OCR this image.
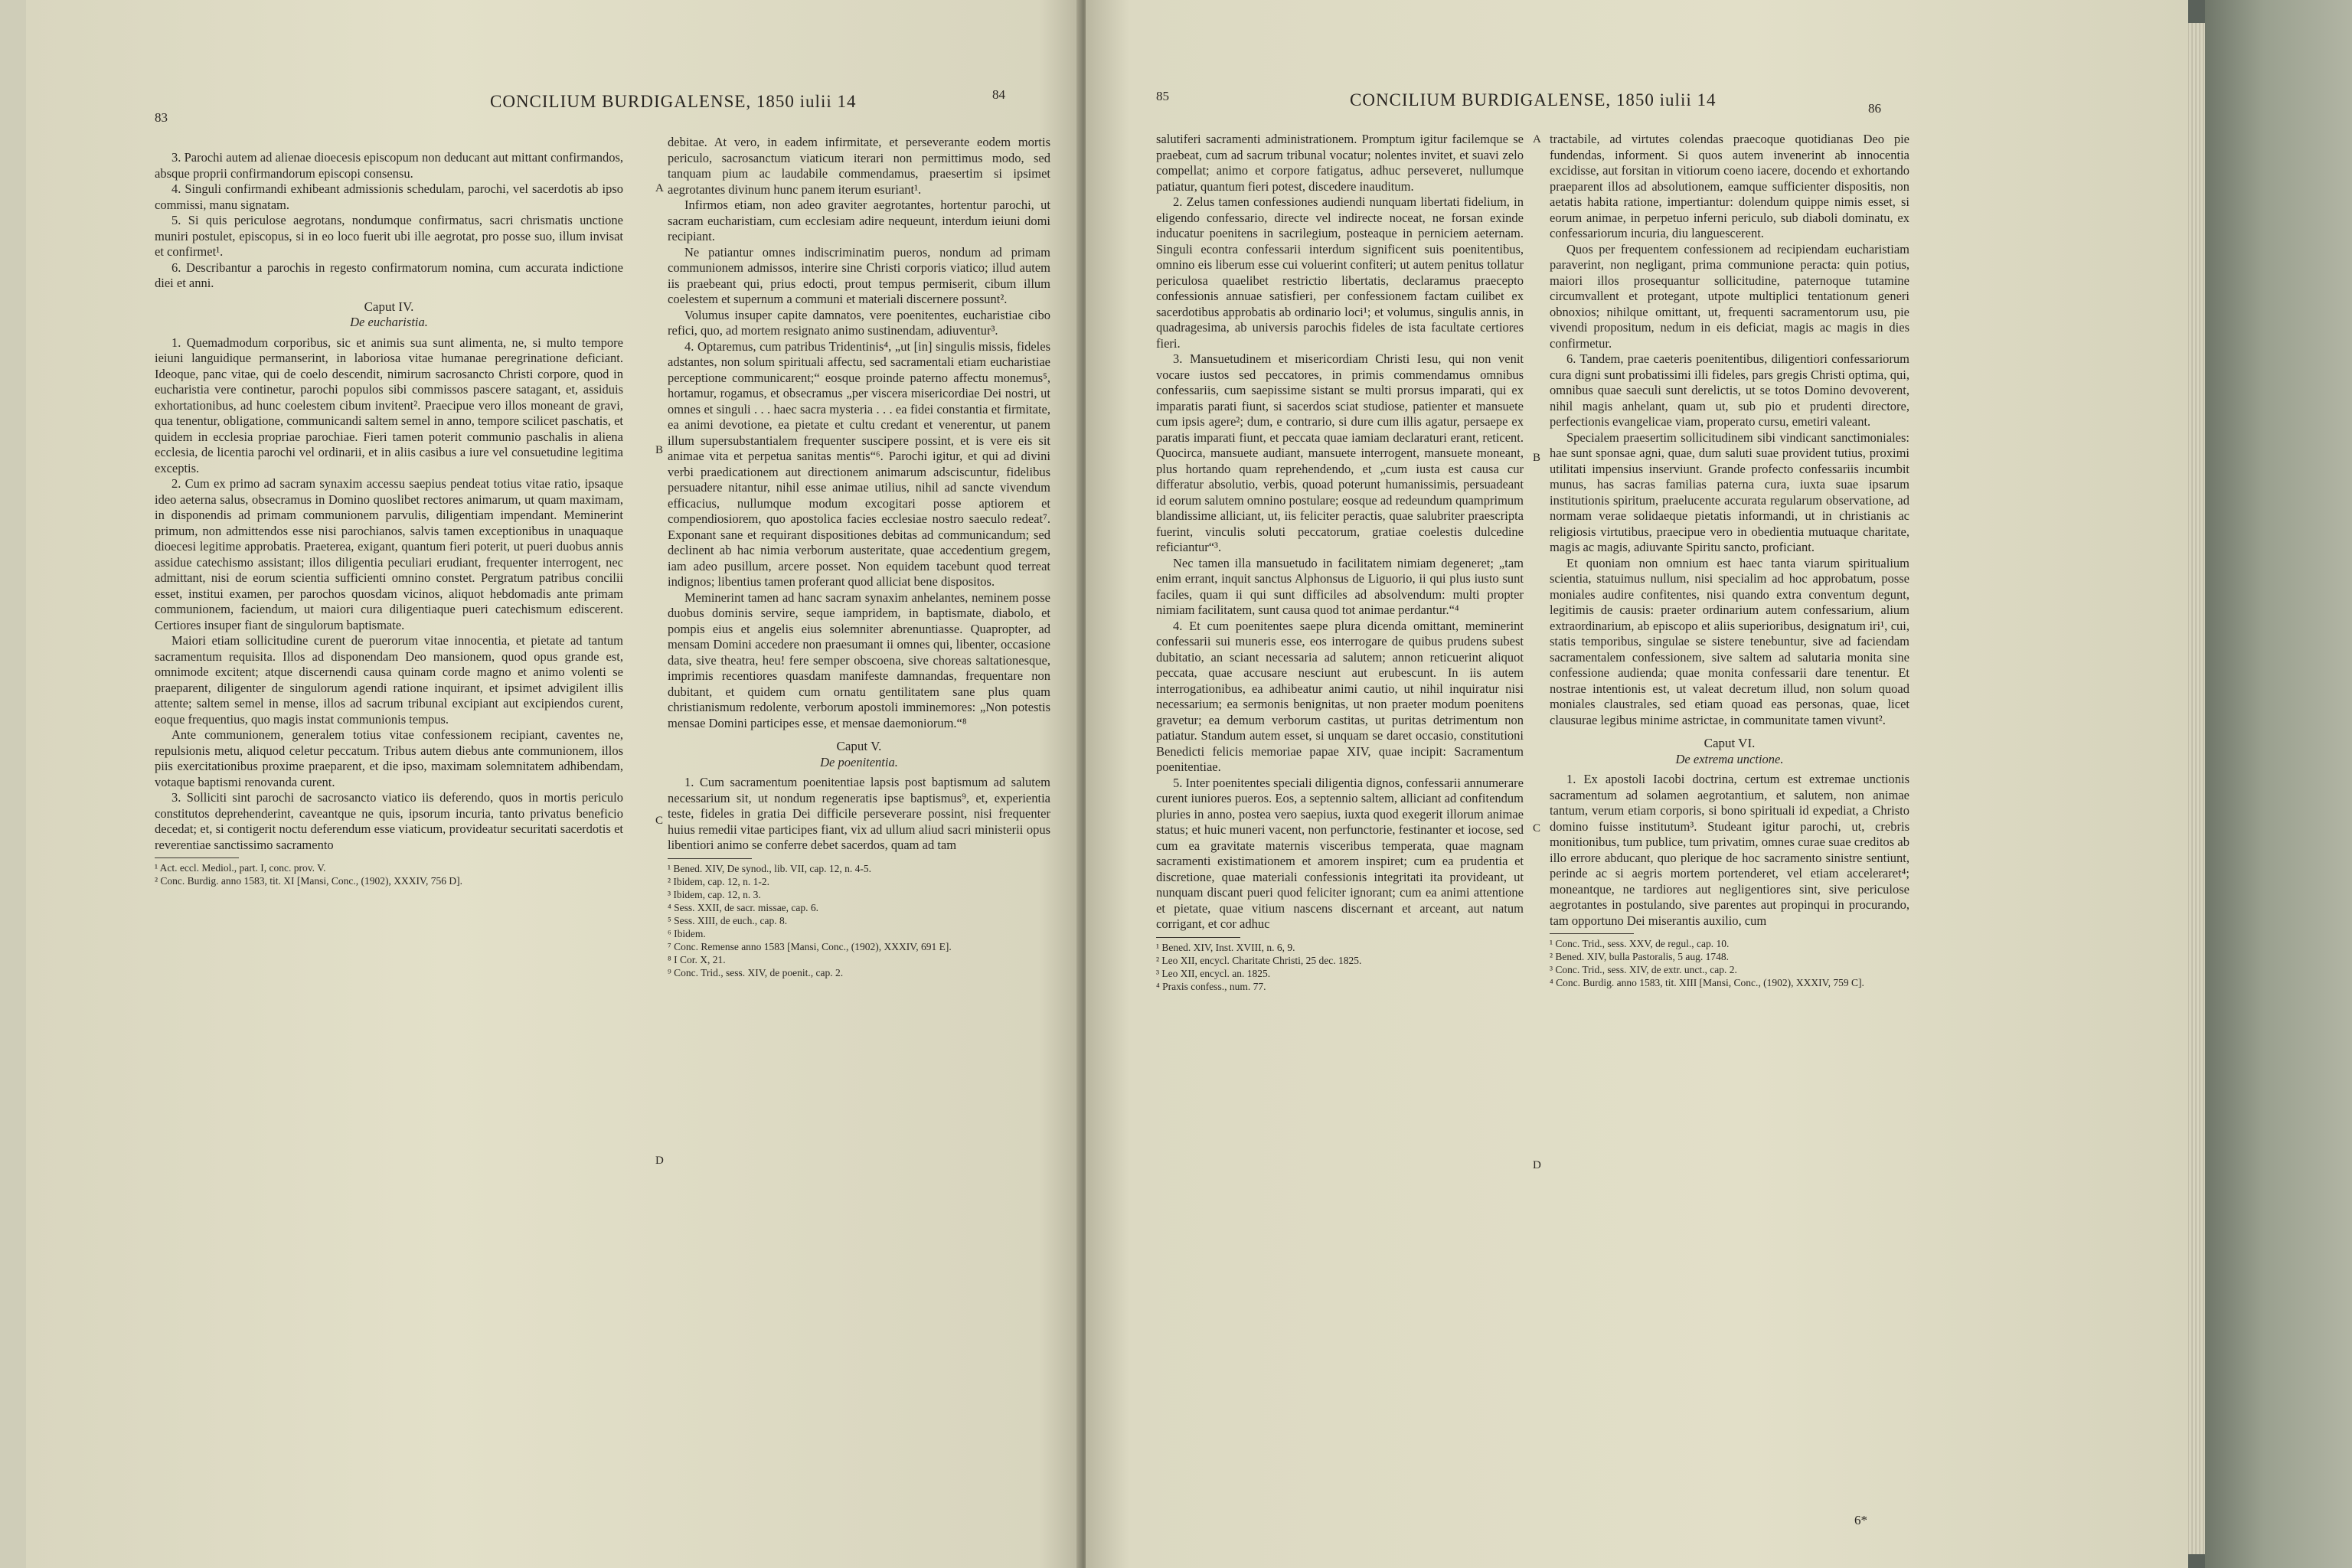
83
CONCILIUM BURDIGALENSE, 1850 iulii 14	84

3. Parochi autem ad alienae dioecesis episcopum non deducant aut mittant confirmandos, absque proprii confirmandorum episcopi consensu.

4. Singuli confirmandi exhibeant admissionis schedulam, parochi, vel sacerdotis ab ipso commissi, manu signatam.

5. Si quis periculose aegrotans, nondumque confirmatus, sacri chrismatis unctione muniri postulet, episcopus, si in eo loco fuerit ubi ille aegrotat, pro posse suo, illum invisat et confirmet¹.

6. Describantur a parochis in regesto confirmatorum nomina, cum accurata indictione diei et anni.

Caput IV.
De eucharistia.

1. Quemadmodum corporibus, sic et animis sua sunt alimenta, ne, si multo tempore ieiuni languidique permanserint, in laboriosa vitae humanae peregrinatione deficiant. Ideoque, panc vitae, qui de coelo descendit, nimirum sacrosancto Christi corpore, quod in eucharistia vere continetur, parochi populos sibi commissos pascere satagant, et, assiduis exhortationibus, ad hunc coelestem cibum invitent². Praecipue vero illos moneant de gravi, qua tenentur, obligatione, communicandi saltem semel in anno, tempore scilicet paschatis, et quidem in ecclesia propriae parochiae. Fieri tamen poterit communio paschalis in aliena ecclesia, de licentia parochi vel ordinarii, et in aliis casibus a iure vel consuetudine legitima exceptis.

2. Cum ex primo ad sacram synaxim accessu saepius pendeat totius vitae ratio, ipsaque ideo aeterna salus, obsecramus in Domino quoslibet rectores animarum, ut quam maximam, in disponendis ad primam communionem parvulis, diligentiam impendant. Meminerint primum, non admittendos esse nisi parochianos, salvis tamen exceptionibus in unaquaque dioecesi legitime approbatis. Praeterea, exigant, quantum fieri poterit, ut pueri duobus annis assidue catechismo assistant; illos diligentia peculiari erudiant, frequenter interrogent, nec admittant, nisi de eorum scientia sufficienti omnino constet. Pergratum patribus concilii esset, institui examen, per parochos quosdam vicinos, aliquot hebdomadis ante primam communionem, faciendum, ut maiori cura diligentiaque pueri catechismum ediscerent. Certiores insuper fiant de singulorum baptismate.

Maiori etiam sollicitudine curent de puerorum vitae innocentia, et pietate ad tantum sacramentum requisita. Illos ad disponendam Deo mansionem, quod opus grande est, omnimode excitent; atque discernendi causa quinam corde magno et animo volenti se praeparent, diligenter de singulorum agendi ratione inquirant, et ipsimet advigilent illis attente; saltem semel in mense, illos ad sacrum tribunal excipiant aut excipiendos curent, eoque frequentius, quo magis instat communionis tempus.

Ante communionem, generalem totius vitae confessionem recipiant, caventes ne, repulsionis metu, aliquod celetur peccatum. Tribus autem diebus ante communionem, illos piis exercitationibus proxime praeparent, et die ipso, maximam solemnitatem adhibendam, votaque baptismi renovanda curent.

3. Solliciti sint parochi de sacrosancto viatico iis deferendo, quos in mortis periculo constitutos deprehenderint, caveantque ne quis, ipsorum incuria, tanto privatus beneficio decedat; et, si contigerit noctu deferendum esse viaticum, provideatur securitati sacerdotis et reverentiae sanctissimo sacramento

¹ Act. eccl. Mediol., part. I, conc. prov. V.
² Conc. Burdig. anno 1583, tit. XI [Mansi, Conc., (1902), XXXIV, 756 D].
A
B
C
D

debitae. At vero, in eadem infirmitate, et perseverante eodem mortis periculo, sacrosanctum viaticum iterari non permittimus modo, sed tanquam pium ac laudabile commendamus, praesertim si ipsimet aegrotantes divinum hunc panem iterum esuriant¹.

Infirmos etiam, non adeo graviter aegrotantes, hortentur parochi, ut sacram eucharistiam, cum ecclesiam adire nequeunt, interdum ieiuni domi recipiant.

Ne patiantur omnes indiscriminatim pueros, nondum ad primam communionem admissos, interire sine Christi corporis viatico; illud autem iis praebeant qui, prius edocti, prout tempus permiserit, cibum illum coelestem et supernum a communi et materiali discernere possunt².

Volumus insuper capite damnatos, vere poenitentes, eucharistiae cibo refici, quo, ad mortem resignato animo sustinendam, adiuventur³.

4. Optaremus, cum patribus Tridentinis⁴, „ut [in] singulis missis, fideles adstantes, non solum spirituali affectu, sed sacramentali etiam eucharistiae perceptione communicarent;“ eosque proinde paterno affectu monemus⁵, hortamur, rogamus, et obsecramus „per viscera misericordiae Dei nostri, ut omnes et singuli . . . haec sacra mysteria . . . ea fidei constantia et firmitate, ea animi devotione, ea pietate et cultu credant et venerentur, ut panem illum supersubstantialem frequenter suscipere possint, et is vere eis sit animae vita et perpetua sanitas mentis“⁶. Parochi igitur, et qui ad divini verbi praedicationem aut directionem animarum adsciscuntur, fidelibus persuadere nitantur, nihil esse animae utilius, nihil ad sancte vivendum efficacius, nullumque modum excogitari posse aptiorem et compendiosiorem, quo apostolica facies ecclesiae nostro saeculo redeat⁷. Exponant sane et requirant dispositiones debitas ad communicandum; sed declinent ab hac nimia verborum austeritate, quae accedentium gregem, iam adeo pusillum, arcere posset. Non equidem tacebunt quod terreat indignos; libentius tamen proferant quod alliciat bene dispositos.

Meminerint tamen ad hanc sacram synaxim anhelantes, neminem posse duobus dominis servire, seque iampridem, in baptismate, diabolo, et pompis eius et angelis eius solemniter abrenuntiasse. Quapropter, ad mensam Domini accedere non praesumant ii omnes qui, libenter, occasione data, sive theatra, heu! fere semper obscoena, sive choreas saltationesque, imprimis recentiores quasdam manifeste damnandas, frequentare non dubitant, et quidem cum ornatu gentilitatem sane plus quam christianismum redolente, verborum apostoli imminemores: „Non potestis mensae Domini participes esse, et mensae daemoniorum.“⁸

Caput V.
De poenitentia.

1. Cum sacramentum poenitentiae lapsis post baptismum ad salutem necessarium sit, ut nondum regeneratis ipse baptismus⁹, et, experientia teste, fideles in gratia Dei difficile perseverare possint, nisi frequenter huius remedii vitae participes fiant, vix ad ullum aliud sacri ministerii opus libentiori animo se conferre debet sacerdos, quam ad tam

¹ Bened. XIV, De synod., lib. VII, cap. 12, n. 4-5.
² Ibidem, cap. 12, n. 1-2.
³ Ibidem, cap. 12, n. 3.
⁴ Sess. XXII, de sacr. missae, cap. 6.
⁵ Sess. XIII, de euch., cap. 8.
⁶ Ibidem.
⁷ Conc. Remense anno 1583 [Mansi, Conc., (1902), XXXIV, 691 E].
⁸ I Cor. X, 21.
⁹ Conc. Trid., sess. XIV, de poenit., cap. 2.
85	CONCILIUM BURDIGALENSE, 1850 iulii 14	86

salutiferi sacramenti administrationem. Promptum igitur facilemque se praebeat, cum ad sacrum tribunal vocatur; nolentes invitet, et suavi zelo compellat; animo et corpore fatigatus, adhuc perseveret, nullumque patiatur, quantum fieri potest, discedere inauditum.

2. Zelus tamen confessiones audiendi nunquam libertati fidelium, in eligendo confessario, directe vel indirecte noceat, ne forsan exinde inducatur poenitens in sacrilegium, posteaque in perniciem aeternam. Singuli econtra confessarii interdum significent suis poenitentibus, omnino eis liberum esse cui voluerint confiteri; ut autem penitus tollatur periculosa quaelibet restrictio libertatis, declaramus praecepto confessionis annuae satisfieri, per confessionem factam cuilibet ex sacerdotibus approbatis ab ordinario loci¹; et volumus, singulis annis, in quadragesima, ab universis parochis fideles de ista facultate certiores fieri.

3. Mansuetudinem et misericordiam Christi Iesu, qui non venit vocare iustos sed peccatores, in primis commendamus omnibus confessariis, cum saepissime sistant se multi prorsus imparati, qui ex imparatis parati fiunt, si sacerdos sciat studiose, patienter et mansuete cum ipsis agere²; dum, e contrario, si dure cum illis agatur, persaepe ex paratis imparati fiunt, et peccata quae iamiam declaraturi erant, reticent. Quocirca, mansuete audiant, mansuete interrogent, mansuete moneant, plus hortando quam reprehendendo, et „cum iusta est causa cur differatur absolutio, verbis, quoad poterunt humanissimis, persuadeant id eorum salutem omnino postulare; eosque ad redeundum quamprimum blandissime alliciant, ut, iis feliciter peractis, quae salubriter praescripta fuerint, vinculis soluti peccatorum, gratiae coelestis dulcedine reficiantur“³.

Nec tamen illa mansuetudo in facilitatem nimiam degeneret; „tam enim errant, inquit sanctus Alphonsus de Liguorio, ii qui plus iusto sunt faciles, quam ii qui sunt difficiles ad absolvendum: multi propter nimiam facilitatem, sunt causa quod tot animae perdantur.“⁴

4. Et cum poenitentes saepe plura dicenda omittant, meminerint confessarii sui muneris esse, eos interrogare de quibus prudens subest dubitatio, an sciant necessaria ad salutem; annon reticuerint aliquot peccata, quae accusare nesciunt aut erubescunt. In iis autem interrogationibus, ea adhibeatur animi cautio, ut nihil inquiratur nisi necessarium; ea sermonis benignitas, ut non praeter modum poenitens gravetur; ea demum verborum castitas, ut puritas detrimentum non patiatur. Standum autem esset, si unquam se daret occasio, constitutioni Benedicti felicis memoriae papae XIV, quae incipit: Sacramentum poenitentiae.

5. Inter poenitentes speciali diligentia dignos, confessarii annumerare curent iuniores pueros. Eos, a septennio saltem, alliciant ad confitendum pluries in anno, postea vero saepius, iuxta quod exegerit illorum animae status; et huic muneri vacent, non perfunctorie, festinanter et iocose, sed cum ea gravitate maternis visceribus temperata, quae magnam sacramenti existimationem et amorem inspiret; cum ea prudentia et discretione, quae materiali confessionis integritati ita provideant, ut nunquam discant pueri quod feliciter ignorant; cum ea animi attentione et pietate, quae vitium nascens discernant et arceant, aut natum corrigant, et cor adhuc

¹ Bened. XIV, Inst. XVIII, n. 6, 9.
² Leo XII, encycl. Charitate Christi, 25 dec. 1825.
³ Leo XII, encycl. an. 1825.
⁴ Praxis confess., num. 77.
A
B
C
D

tractabile, ad virtutes colendas praecoque quotidianas Deo pie fundendas, informent. Si quos autem invenerint ab innocentia excidisse, aut forsitan in vitiorum coeno iacere, docendo et exhortando praeparent illos ad absolutionem, eamque sufficienter dispositis, non aetatis habita ratione, impertiantur: dolendum quippe nimis esset, si eorum animae, in perpetuo inferni periculo, sub diaboli dominatu, ex confessariorum incuria, diu languescerent.

Quos per frequentem confessionem ad recipiendam eucharistiam paraverint, non negligant, prima communione peracta: quin potius, maiori illos prosequantur sollicitudine, paternoque tutamine circumvallent et protegant, utpote multiplici tentationum generi obnoxios; nihilque omittant, ut, frequenti sacramentorum usu, pie vivendi propositum, nedum in eis deficiat, magis ac magis in dies confirmetur.

6. Tandem, prae caeteris poenitentibus, diligentiori confessariorum cura digni sunt probatissimi illi fideles, pars gregis Christi optima, qui, omnibus quae saeculi sunt derelictis, ut se totos Domino devoverent, nihil magis anhelant, quam ut, sub pio et prudenti directore, perfectionis evangelicae viam, properato cursu, emetiri valeant.

Specialem praesertim sollicitudinem sibi vindicant sanctimoniales: hae sunt sponsae agni, quae, dum saluti suae provident tutius, proximi utilitati impensius inserviunt. Grande profecto confessariis incumbit munus, has sacras familias paterna cura, iuxta suae ipsarum institutionis spiritum, praelucente accurata regularum observatione, ad normam verae solidaeque pietatis informandi, ut in christianis ac religiosis virtutibus, praecipue vero in obedientia mutuaque charitate, magis ac magis, adiuvante Spiritu sancto, proficiant.

Et quoniam non omnium est haec tanta viarum spiritualium scientia, statuimus nullum, nisi specialim ad hoc approbatum, posse moniales audire confitentes, nisi quando extra conventum degunt, legitimis de causis: praeter ordinarium autem confessarium, alium extraordinarium, ab episcopo et aliis superioribus, designatum iri¹, cui, statis temporibus, singulae se sistere tenebuntur, sive ad faciendam sacramentalem confessionem, sive saltem ad salutaria monita sine confessione audienda; quae monita confessarii dare tenentur. Et nostrae intentionis est, ut valeat decretum illud, non solum quoad moniales claustrales, sed etiam quoad eas personas, quae, licet clausurae legibus minime astrictae, in communitate tamen vivunt².

Caput VI.
De extrema unctione.

1. Ex apostoli Iacobi doctrina, certum est extremae unctionis sacramentum ad solamen aegrotantium, et salutem, non animae tantum, verum etiam corporis, si bono spirituali id expediat, a Christo domino fuisse institutum³. Studeant igitur parochi, ut, crebris monitionibus, tum publice, tum privatim, omnes curae suae creditos ab illo errore abducant, quo plerique de hoc sacramento sinistre sentiunt, perinde ac si aegris mortem portenderet, vel etiam acceleraret⁴; moneantque, ne tardiores aut negligentiores sint, sive periculose aegrotantes in postulando, sive parentes aut propinqui in procurando, tam opportuno Dei miserantis auxilio, cum

¹ Conc. Trid., sess. XXV, de regul., cap. 10.
² Bened. XIV, bulla Pastoralis, 5 aug. 1748.
³ Conc. Trid., sess. XIV, de extr. unct., cap. 2.
⁴ Conc. Burdig. anno 1583, tit. XIII [Mansi, Conc., (1902), XXXIV, 759 C].
6*
